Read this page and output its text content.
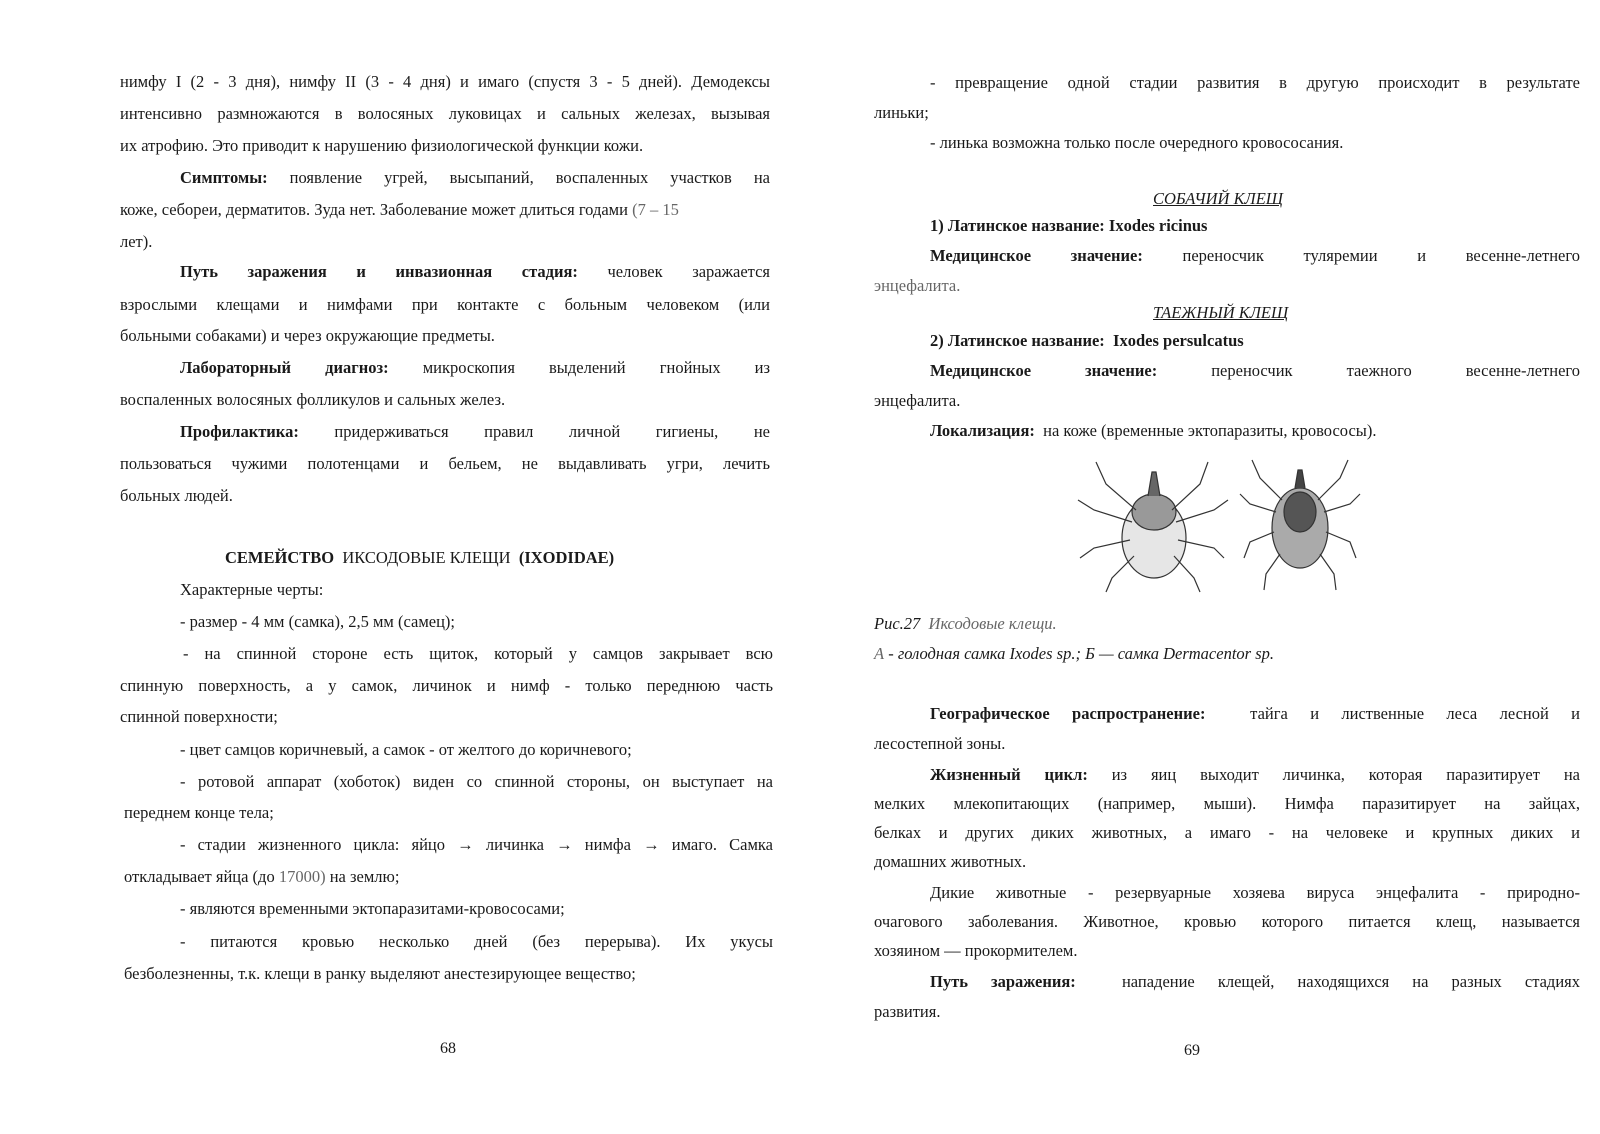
нимфу I (2 - 3 дня), нимфу II (3 - 4 дня) и имаго (спустя 3 - 5 дней). Демодексы
интенсивно размножаются в волосяных луковицах и сальных железах, вызывая
их атрофию. Это приводит к нарушению физиологической функции кожи.
Симптомы: появление угрей, высыпаний, воспаленных участков на
коже, себореи, дерматитов. Зуда нет. Заболевание может длиться годами (7 – 15
лет).
Путь заражения и инвазионная стадия: человек заражается
взрослыми клещами и нимфами при контакте с больным человеком (или
больными собаками) и через окружающие предметы.
Лабораторный диагноз: микроскопия выделений гнойных из
воспаленных волосяных фолликулов и сальных желез.
Профилактика: придерживаться правил личной гигиены, не
пользоваться чужими полотенцами и бельем, не выдавливать угри, лечить
больных людей.
СЕМЕЙСТВО ИКСОДОВЫЕ КЛЕЩИ (IXODIDAE)
Характерные черты:
- размер - 4 мм (самка), 2,5 мм (самец);
- на спинной стороне есть щиток, который у самцов закрывает всю
спинную поверхность, а у самок, личинок и нимф - только переднюю часть
спинной поверхности;
- цвет самцов коричневый, а самок - от желтого до коричневого;
- ротовой аппарат (хоботок) виден со спинной стороны, он выступает на
переднем конце тела;
- стадии жизненного цикла: яйцо → личинка → нимфа → имаго. Самка
откладывает яйца (до 17000) на землю;
- являются временными эктопаразитами-кровососами;
- питаются кровью несколько дней (без перерыва). Их укусы
безболезненны, т.к. клещи в ранку выделяют анестезирующее вещество;
68
- превращение одной стадии развития в другую происходит в результате
линьки;
- линька возможна только после очередного кровососания.
СОБАЧИЙ КЛЕЩ
1) Латинское название: Ixodes ricinus
Медицинское значение: переносчик туляремии и весенне-летнего
энцефалита.
ТАЕЖНЫЙ КЛЕЩ
2) Латинское название: Ixodes persulcatus
Медицинское значение:	переносчик таежного весенне-летнего
энцефалита.
Локализация: на коже (временные эктопаразиты, кровососы).
Рис.27 Иксодовые клещи.
А - голодная самка Ixodes sp.; Б — самка Dermacentor sp.
Географическое распространение:	тайга и лиственные леса лесной и
лесостепной зоны.
Жизненный цикл: из яиц выходит личинка, которая паразитирует на
мелких млекопитающих (например, мыши). Нимфа паразитирует на зайцах,
белках и других диких животных, а имаго - на человеке и крупных диких и
домашних животных.
Дикие животные - резервуарные хозяева вируса энцефалита - природно-
очагового заболевания. Животное, кровью которого питается клещ, называется
хозяином — прокормителем.
Путь заражения:	нападение клещей, находящихся на разных стадиях
развития.
69
